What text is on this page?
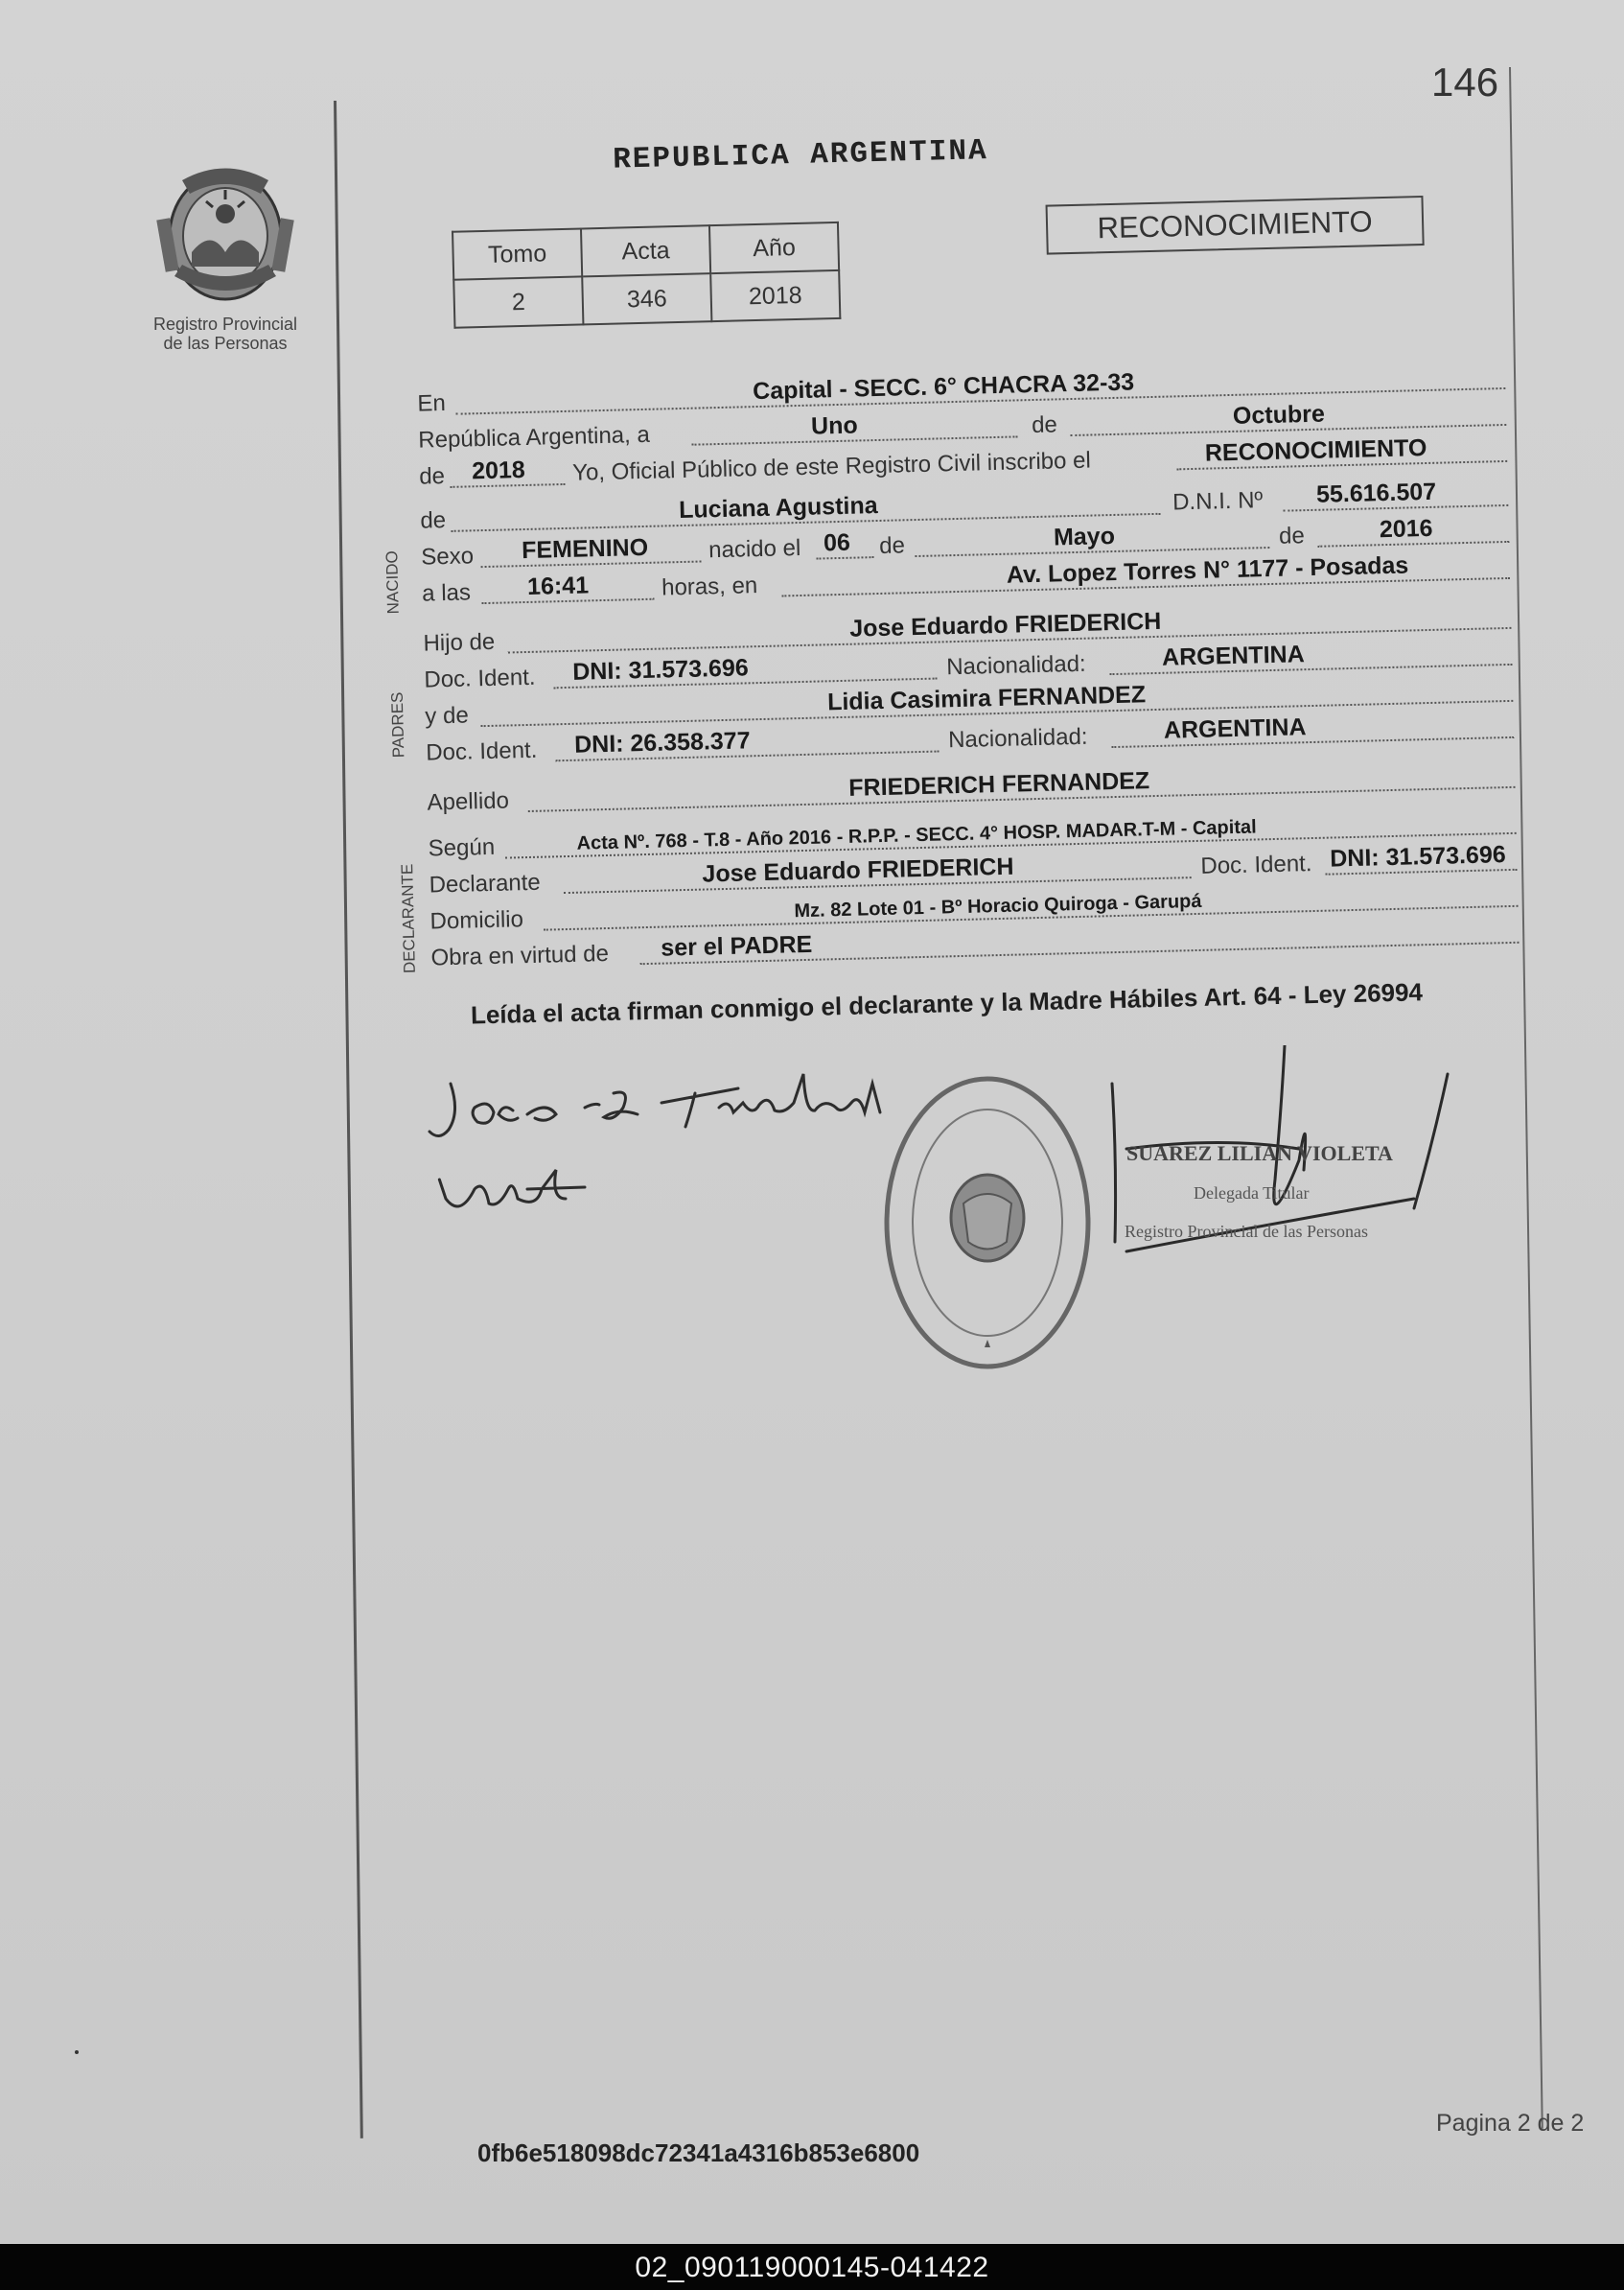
146
Registro Provincial
de las Personas
REPUBLICA ARGENTINA
Tomo	Acta	Año
2	346	2018
RECONOCIMIENTO
En	Capital - SECC. 6° CHACRA 32-33
República Argentina, a	Uno	de	Octubre
de 2018 Yo, Oficial Público de este Registro Civil inscribo el	RECONOCIMIENTO
de	Luciana Agustina	D.N.I. Nº 55.616.507
Sexo FEMENINO	nacido el 06 de	Mayo	de	2016
a las 16:41	horas, en	Av. Lopez Torres N° 1177 - Posadas
Hijo de
Jose Eduardo FRIEDERICH
Doc. Ident. DNI: 31.573.696	Nacionalidad:	ARGENTINA
y de
Lidia Casimira FERNANDEZ
Doc. Ident. DNI: 26.358.377	Nacionalidad:	ARGENTINA
Apellido
FRIEDERICH FERNANDEZ
Según	Acta Nº. 768 - T.8 - Año 2016 - R.P.P. - SECC. 4° HOSP. MADAR.T-M - Capital
Declarante	Jose Eduardo FRIEDERICH	Doc. Ident. DNI: 31.573.696
Domicilio	Mz. 82 Lote 01 - Bº Horacio Quiroga - Garupá
Obra en virtud de ser el PADRE
NACIDO
PADRES
DECLARANTE
Leída el acta firman conmigo el declarante y la Madre Hábiles Art. 64 - Ley 26994
SUAREZ LILIAN VIOLETA
Delegada Titular
Registro Provincial de las Personas
0fb6e518098dc72341a4316b853e6800
Pagina 2 de 2
02_090119000145-041422
